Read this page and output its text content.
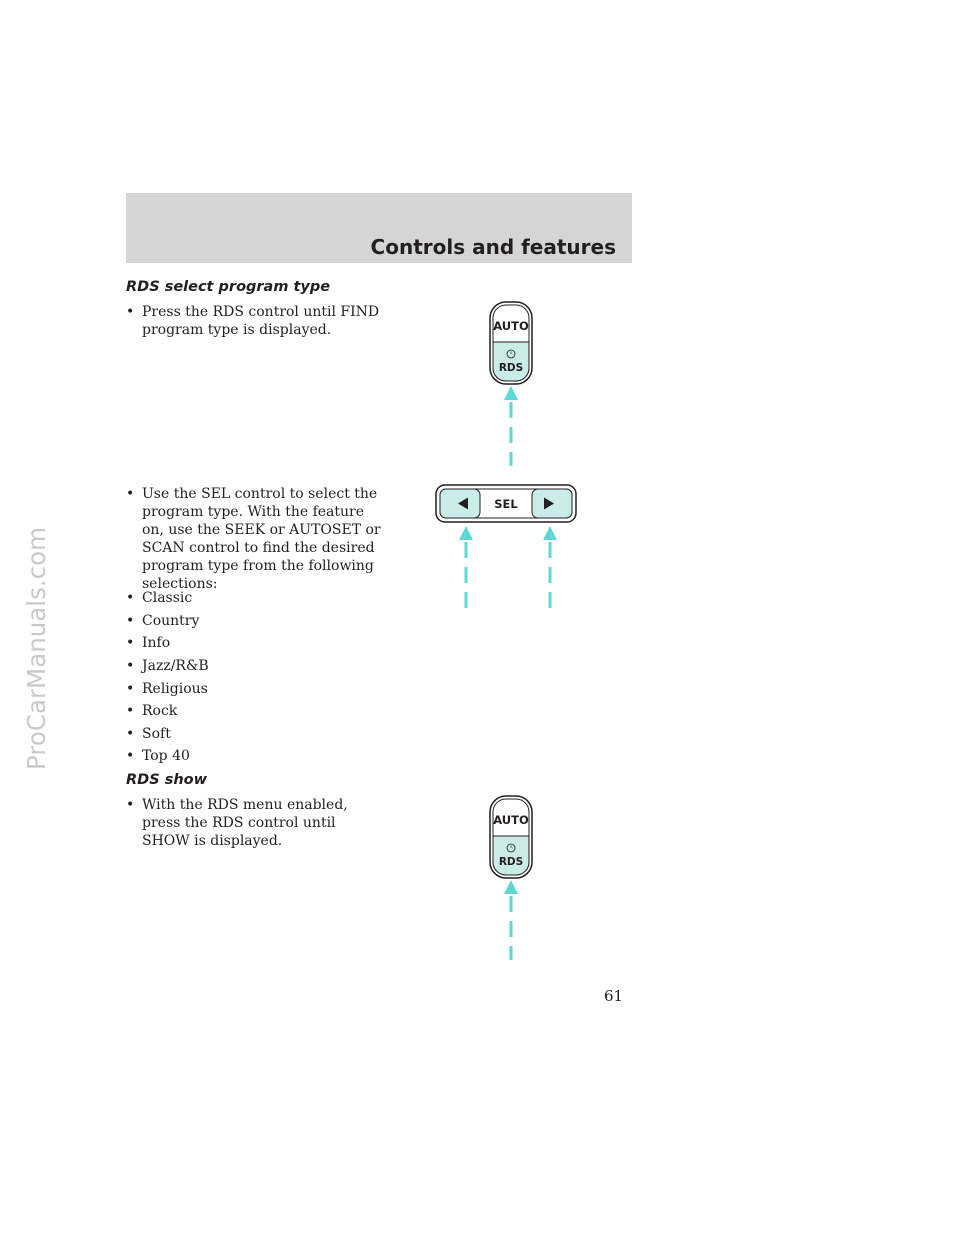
Controls and features
ProCarManuals.com
RDS select program type
• Press the RDS control until FIND program type is displayed.
• Use the SEL control to select the program type. With the feature on, use the SEEK or AUTOSET or SCAN control to find the desired program type from the following selections:
• Classic
• Country
• Info
• Jazz/R&B
• Religious
• Rock
• Soft
• Top 40
RDS show
• With the RDS menu enabled, press the RDS control until SHOW is displayed.
AUTO
RDS
SEL
AUTO
RDS
61
